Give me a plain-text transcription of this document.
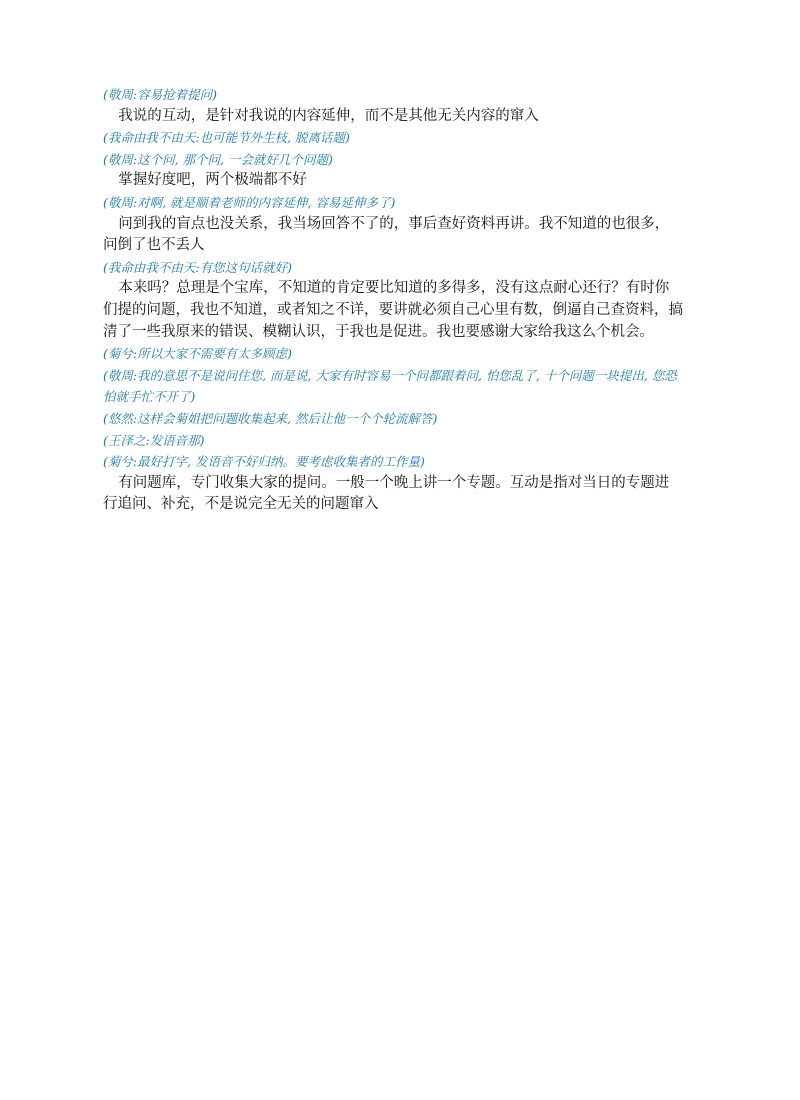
(敬周:容易抢着提问)
我说的互动，是针对我说的内容延伸，而不是其他无关内容的窜入
(我命由我不由天:也可能节外生枝, 脱离话题)
(敬周:这个问, 那个问, 一会就好几个问题)
掌握好度吧，两个极端都不好
(敬周:对啊, 就是顺着老师的内容延伸, 容易延伸多了)
问到我的盲点也没关系，我当场回答不了的，事后查好资料再讲。我不知道的也很多，问倒了也不丢人
(我命由我不由天:有您这句话就好)
本来吗？总理是个宝库，不知道的肯定要比知道的多得多，没有这点耐心还行？有时你们提的问题，我也不知道，或者知之不详，要讲就必须自己心里有数，倒逼自己查资料，搞清了一些我原来的错误、模糊认识，于我也是促进。我也要感谢大家给我这么个机会。
(菊兮:所以大家不需要有太多顾虑)
(敬周:我的意思不是说问住您, 而是说, 大家有时容易一个问都跟着问, 怕您乱了, 十个问题一块提出, 您恐怕就手忙不开了)
(悠然:这样会菊姐把问题收集起来, 然后让他一个个轮流解答)
(王泽之:发语音那)
(菊兮:最好打字, 发语音不好归纳。要考虑收集者的工作量)
有问题库，专门收集大家的提问。一般一个晚上讲一个专题。互动是指对当日的专题进行追问、补充，不是说完全无关的问题窜入
